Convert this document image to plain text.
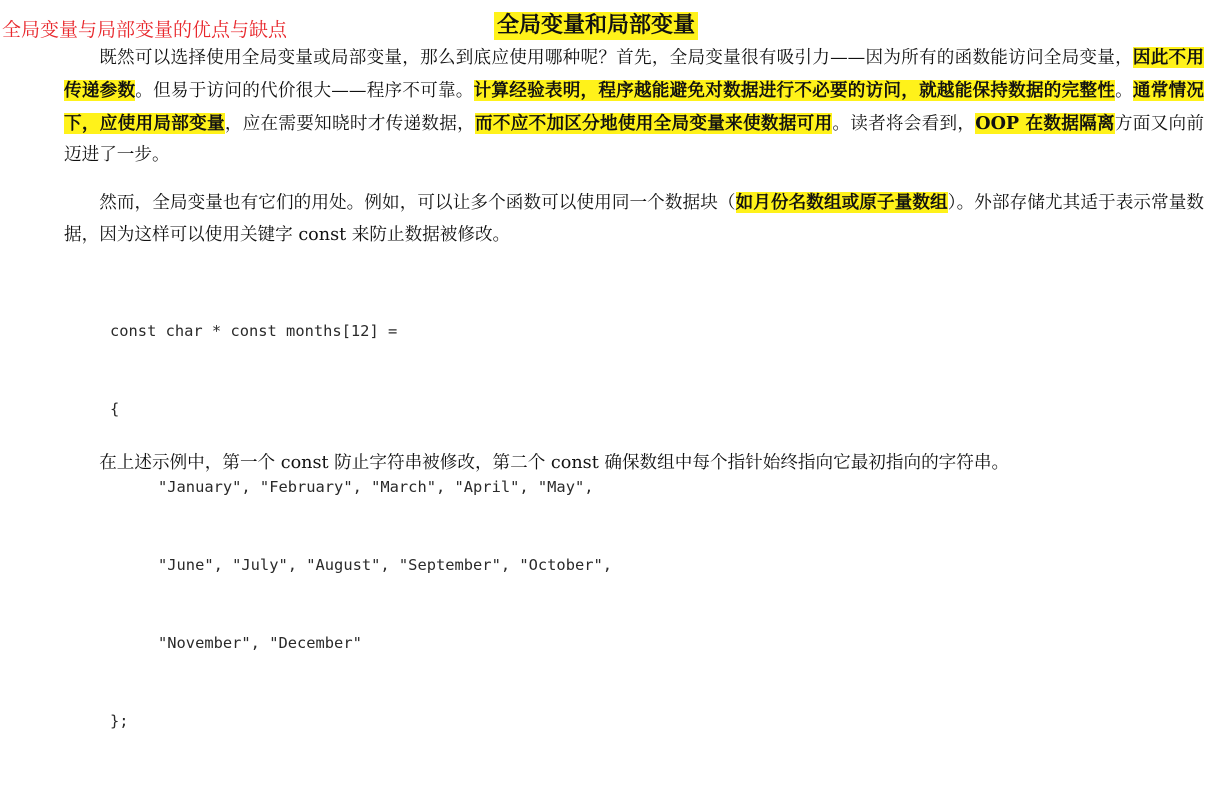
全局变量与局部变量的优点与缺点	全局变量和局部变量

既然可以选择使用全局变量或局部变量，那么到底应使用哪种呢？首先，全局变量很有吸引力——因为所有的函数能访问全局变量，因此不用传递参数。但易于访问的代价很大——程序不可靠。计算经验表明，程序越能避免对数据进行不必要的访问，就越能保持数据的完整性。通常情况下，应使用局部变量，应在需要知晓时才传递数据，而不应不加区分地使用全局变量来使数据可用。读者将会看到，OOP 在数据隔离方面又向前迈进了一步。

然而，全局变量也有它们的用处。例如，可以让多个函数可以使用同一个数据块（如月份名数组或原子量数组）。外部存储尤其适于表示常量数据，因为这样可以使用关键字 const 来防止数据被修改。

const char * const months[12] =

{

"January", "February", "March", "April", "May",

"June", "July", "August", "September", "October",

"November", "December"

};

在上述示例中，第一个 const 防止字符串被修改，第二个 const 确保数组中每个指针始终指向它最初指向的字符串。
